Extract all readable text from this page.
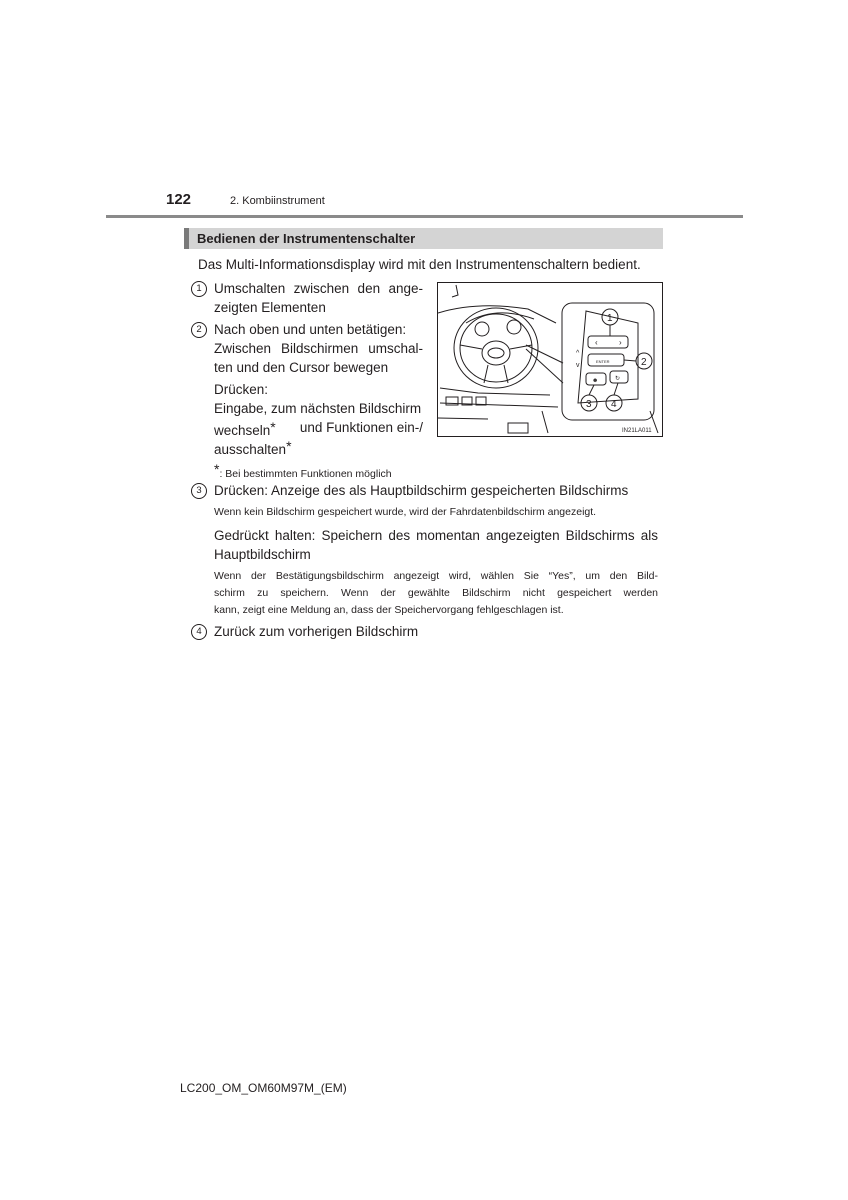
122	2. Kombiinstrument
Bedienen der Instrumentenschalter
Das Multi-Informationsdisplay wird mit den Instrumentenschaltern bedient.
1 Umschalten zwischen den ange-
zeigten Elementen
2 Nach oben und unten betätigen:
Zwischen Bildschirmen umschal-
ten und den Cursor bewegen
Drücken:
Eingabe, zum nächsten Bildschirm
wechseln* und Funktionen ein-/
ausschalten*
*: Bei bestimmten Funktionen möglich
‹	›
^
v
ENTER
☻	↻
1
2
3 4
IN21LA011
3 Drücken: Anzeige des als Hauptbildschirm gespeicherten Bildschirms
Wenn kein Bildschirm gespeichert wurde, wird der Fahrdatenbildschirm angezeigt.
Gedrückt halten: Speichern des momentan angezeigten Bildschirms als
Hauptbildschirm
Wenn der Bestätigungsbildschirm angezeigt wird, wählen Sie “Yes”, um den Bild-
schirm zu speichern. Wenn der gewählte Bildschirm nicht gespeichert werden
kann, zeigt eine Meldung an, dass der Speichervorgang fehlgeschlagen ist.
4 Zurück zum vorherigen Bildschirm
LC200_OM_OM60M97M_(EM)
